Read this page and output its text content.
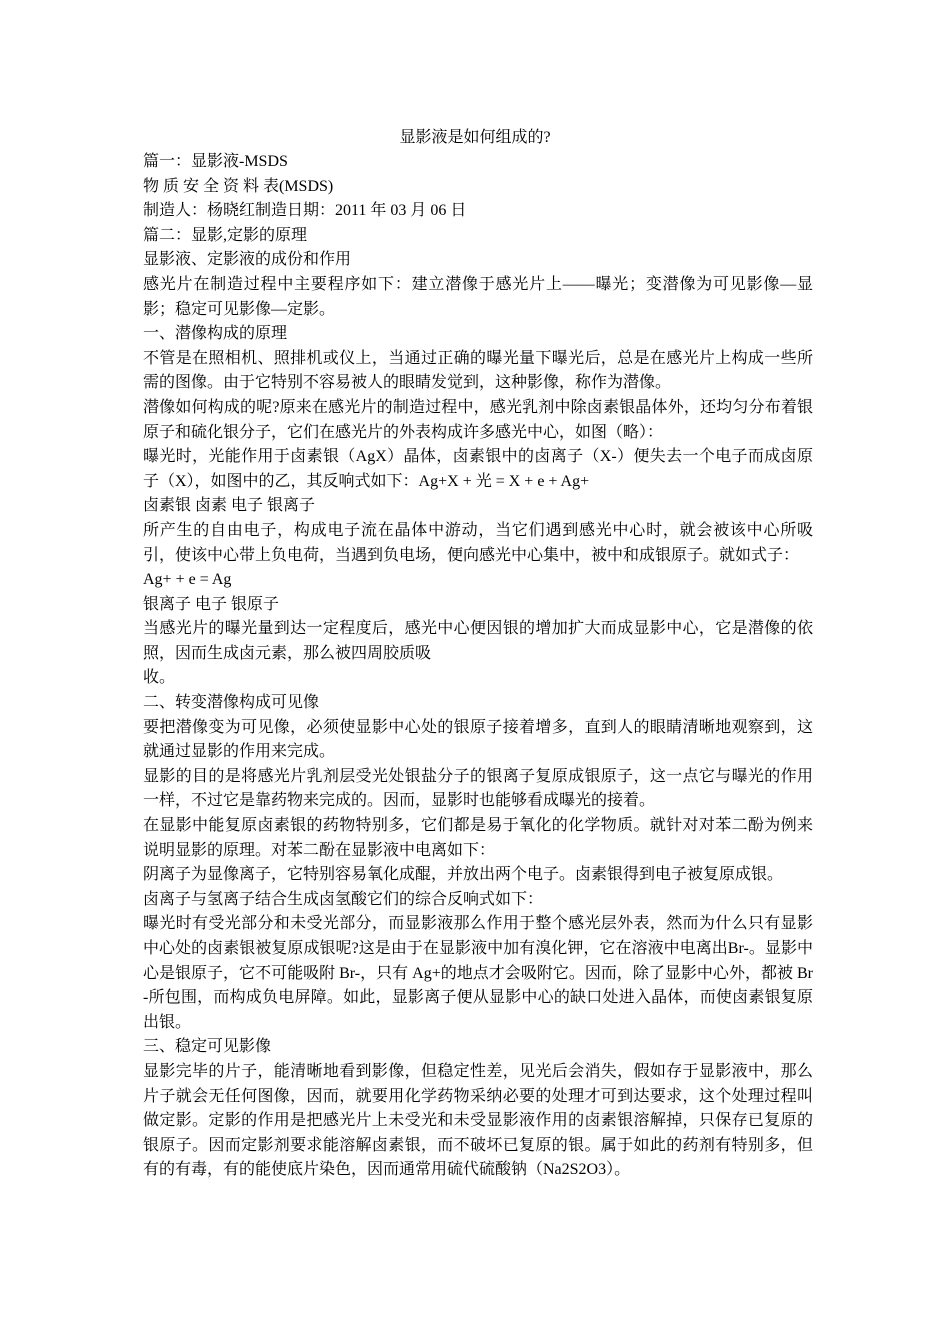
显影液是如何组成的?

篇一：显影液-MSDS

物 质 安 全 资 料 表(MSDS)

制造人：杨晓红制造日期：2011 年 03 月 06 日

篇二：显影,定影的原理

显影液、定影液的成份和作用

感光片在制造过程中主要程序如下：建立潜像于感光片上——曝光；变潜像为可见影像—显影；稳定可见影像—定影。

一、潜像构成的原理

不管是在照相机、照排机或仪上，当通过正确的曝光量下曝光后，总是在感光片上构成一些所需的图像。由于它特别不容易被人的眼睛发觉到，这种影像，称作为潜像。

潜像如何构成的呢?原来在感光片的制造过程中，感光乳剂中除卤素银晶体外，还均匀分布着银原子和硫化银分子，它们在感光片的外表构成许多感光中心，如图（略）：

曝光时，光能作用于卤素银（AgX）晶体，卤素银中的卤离子（X-）便失去一个电子而成卤原子（X），如图中的乙，其反响式如下：Ag+X + 光 = X + e + Ag+

卤素银 卤素 电子 银离子

所产生的自由电子，构成电子流在晶体中游动，当它们遇到感光中心时，就会被该中心所吸引，使该中心带上负电荷，当遇到负电场，便向感光中心集中，被中和成银原子。就如式子：

Ag+ + e = Ag

银离子 电子 银原子

当感光片的曝光量到达一定程度后，感光中心便因银的增加扩大而成显影中心，它是潜像的依照，因而生成卤元素，那么被四周胶质吸

收。

二、转变潜像构成可见像

要把潜像变为可见像，必须使显影中心处的银原子接着增多，直到人的眼睛清晰地观察到，这就通过显影的作用来完成。

显影的目的是将感光片乳剂层受光处银盐分子的银离子复原成银原子，这一点它与曝光的作用一样，不过它是靠药物来完成的。因而，显影时也能够看成曝光的接着。

在显影中能复原卤素银的药物特别多，它们都是易于氧化的化学物质。就针对对苯二酚为例来说明显影的原理。对苯二酚在显影液中电离如下：

阴离子为显像离子，它特别容易氧化成醌，并放出两个电子。卤素银得到电子被复原成银。

卤离子与氢离子结合生成卤氢酸它们的综合反响式如下：

曝光时有受光部分和未受光部分，而显影液那么作用于整个感光层外表，然而为什么只有显影中心处的卤素银被复原成银呢?这是由于在显影液中加有溴化钾，它在溶液中电离出Br-。显影中心是银原子，它不可能吸附 Br-，只有 Ag+的地点才会吸附它。因而，除了显影中心外，都被 Br-所包围，而构成负电屏障。如此，显影离子便从显影中心的缺口处进入晶体，而使卤素银复原出银。

三、稳定可见影像

显影完毕的片子，能清晰地看到影像，但稳定性差，见光后会消失，假如存于显影液中，那么片子就会无任何图像，因而，就要用化学药物采纳必要的处理才可到达要求，这个处理过程叫做定影。定影的作用是把感光片上未受光和未受显影液作用的卤素银溶解掉，只保存已复原的银原子。因而定影剂要求能溶解卤素银，而不破坏已复原的银。属于如此的药剂有特别多，但有的有毒，有的能使底片染色，因而通常用硫代硫酸钠（Na2S2O3）。
